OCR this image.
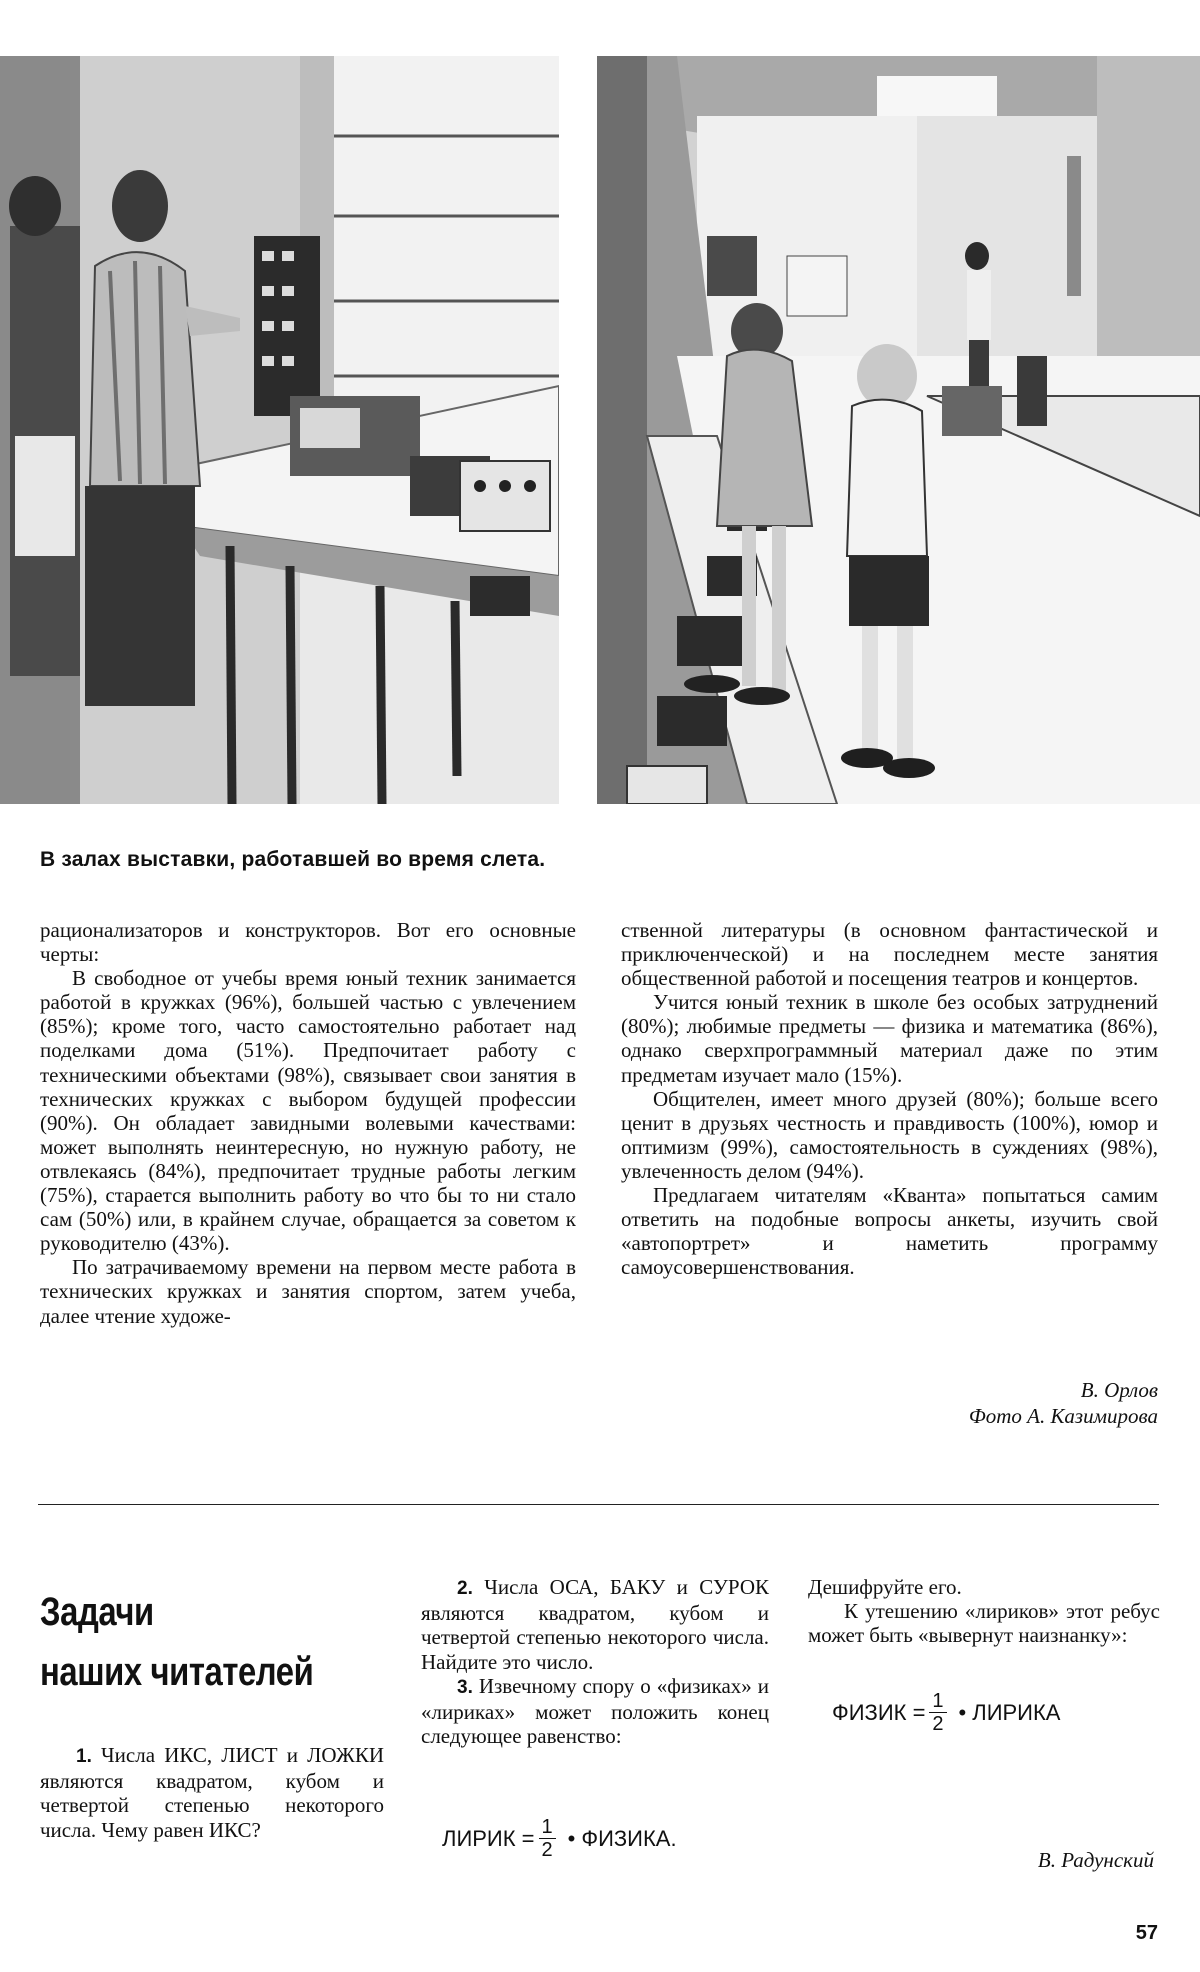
В залах выставки, работавшей во время слета.

рационализаторов и конструкторов. Вот его основные черты:

В свободное от учебы время юный техник занимается работой в кружках (96%), большей частью с увлечением (85%); кроме того, часто самостоятельно работает над поделками дома (51%). Предпочитает работу с техническими объектами (98%), связывает свои занятия в технических кружках с выбором будущей профессии (90%). Он обладает завидными волевыми качествами: может выполнять неинтересную, но нужную работу, не отвлекаясь (84%), предпочитает трудные работы легким (75%), старается выполнить работу во что бы то ни стало сам (50%) или, в крайнем случае, обращается за советом к руководителю (43%).

По затрачиваемому времени на первом месте работа в технических кружках и занятия спортом, затем учеба, далее чтение художе-

ственной литературы (в основном фантастической и приключенческой) и на последнем месте занятия общественной работой и посещения театров и концертов.

Учится юный техник в школе без особых затруднений (80%); любимые предметы — физика и математика (86%), однако сверхпрограммный материал даже по этим предметам изучает мало (15%).

Общителен, имеет много друзей (80%); больше всего ценит в друзьях честность и правдивость (100%), юмор и оптимизм (99%), самостоятельность в суждениях (98%), увлеченность делом (94%).

Предлагаем читателям «Кванта» попытаться самим ответить на подобные вопросы анкеты, изучить свой «автопортрет» и наметить программу самоусовершенствования.

В. Орлов
Фото А. Казимирова
Задачи
наших читателей

1. Числа ИКС, ЛИСТ и ЛОЖКИ являются квадратом, кубом и четвертой степенью некоторого числа. Чему равен ИКС?

2. Числа ОСА, БАКУ и СУРОК являются квадратом, кубом и четвертой степенью некоторого числа. Найдите это число.

3. Извечному спору о «физиках» и «лириках» может положить конец следующее равенство:

ЛИРИК = $\frac{1}{2}$ • ФИЗИКА.

Дешифруйте его.

К утешению «лириков» этот ребус может быть «вывернут наизнанку»:

ФИЗИК = $\frac{1}{2}$ • ЛИРИКА
В. Радунский
57
